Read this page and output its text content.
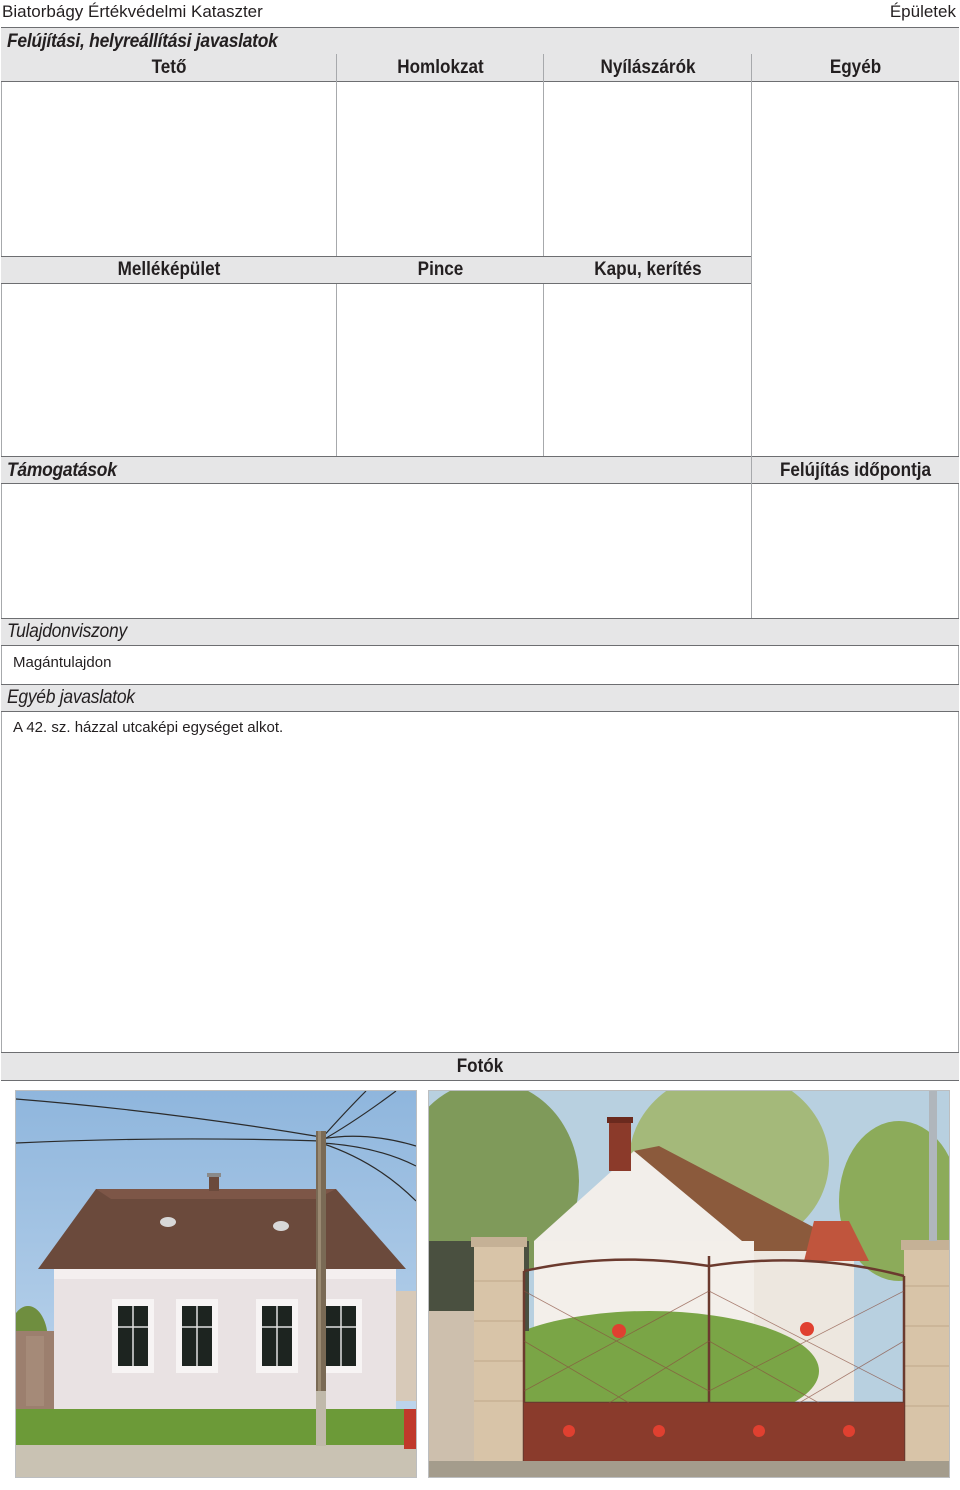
Biatorbágy Értékvédelmi Kataszter	Épületek
Felújítási, helyreállítási javaslatok
Tető	Homlokzat	Nyílászárók	Egyéb
Melléképület	Pince	Kapu, kerítés
Támogatások	Felújítás időpontja
Tulajdonviszony
Magántulajdon
Egyéb javaslatok
A 42. sz. házzal utcaképi egységet alkot.
Fotók
